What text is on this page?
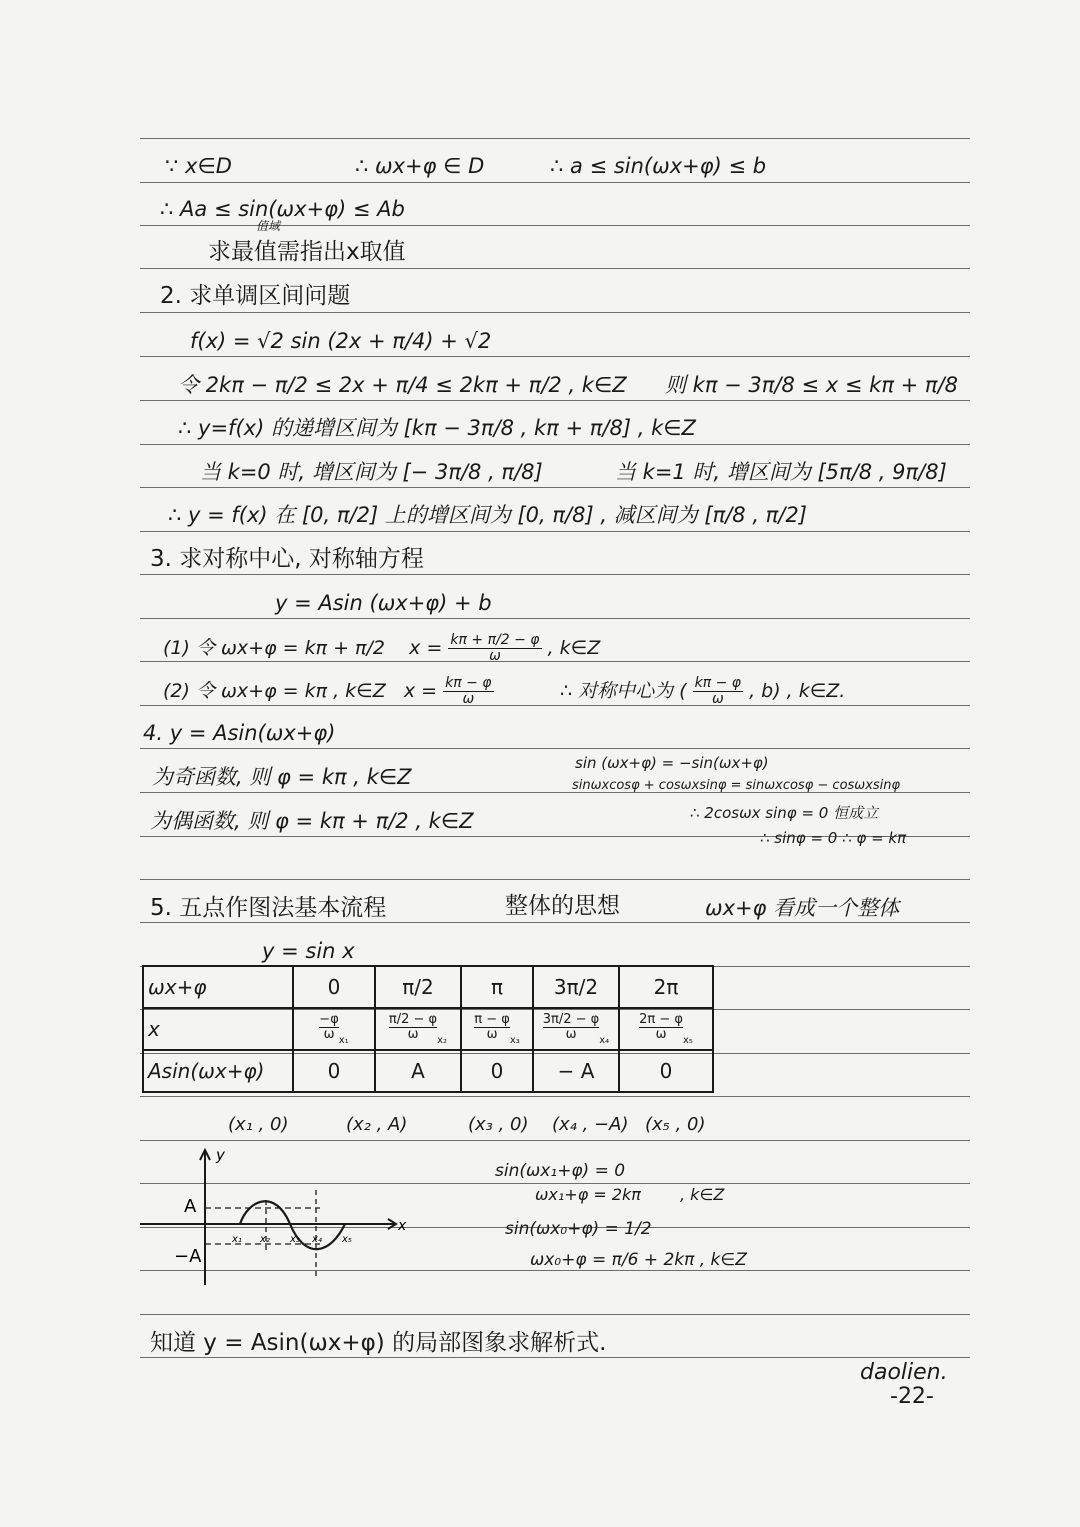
∵ x∈D	∴ ωx+φ ∈ D	∴ a ≤ sin(ωx+φ) ≤ b
∴ Aa ≤ sin(ωx+φ) ≤ Ab
值域
求最值需指出x取值
2. 求单调区间问题
f(x) = √2 sin (2x + π/4) + √2
令 2kπ − π/2 ≤ 2x + π/4 ≤ 2kπ + π/2 , k∈Z 则 kπ − 3π/8 ≤ x ≤ kπ + π/8
∴ y=f(x) 的递增区间为 [kπ − 3π/8 , kπ + π/8] , k∈Z
当 k=0 时, 增区间为 [− 3π/8 , π/8]	当 k=1 时, 增区间为 [5π/8 , 9π/8]
∴ y = f(x) 在 [0, π/2] 上的增区间为 [0, π/8] , 减区间为 [π/8 , π/2]
3. 求对称中心, 对称轴方程
y = Asin (ωx+φ) + b
(1) 令 ωx+φ = kπ + π/2 $x = \frac{k\pi + \pi/2 - \varphi}{\omega}$ , k∈Z
(2) 令 ωx+φ = kπ , k∈Z $x = \frac{k\pi - \varphi}{\omega}$	∴ 对称中心为 ( $\frac{k\pi - \varphi}{\omega}$ , b) , k∈Z.
4. y = Asin(ωx+φ)
为奇函数, 则 φ = kπ , k∈Z
为偶函数, 则 φ = kπ + π/2 , k∈Z
sin (ωx+φ) = −sin(ωx+φ)
sinωxcosφ + cosωxsinφ = sinωxcosφ − cosωxsinφ
∴ 2cosωx sinφ = 0 恒成立
∴ sinφ = 0 ∴ φ = kπ
5. 五点作图法基本流程	整体的思想	ωx+φ 看成一个整体
y = sin x
ωx+φ	0	π/2	π	3π/2	2π
x	$\frac{-\varphi}{\omega}_{x_1}$	$\frac{\pi/2 - \varphi}{\omega}_{x_2}$	$\frac{\pi - \varphi}{\omega}_{x_3}$	$\frac{3\pi/2 - \varphi}{\omega}_{x_4}$	$\frac{2\pi - \varphi}{\omega}_{x_5}$
Asin(ωx+φ)	0	A	0	− A	0
(x₁ , 0)	(x₂ , A)	(x₃ , 0) (x₄ , −A) (x₅ , 0)
y
x
A
−A
x₁ x₂ x₃ x₄ x₅
sin(ωx₁+φ) = 0
ωx₁+φ = 2kπ , k∈Z
sin(ωx₀+φ) = 1/2
ωx₀+φ = π/6 + 2kπ , k∈Z
知道 y = Asin(ωx+φ) 的局部图象求解析式.
daolien.
-22-
